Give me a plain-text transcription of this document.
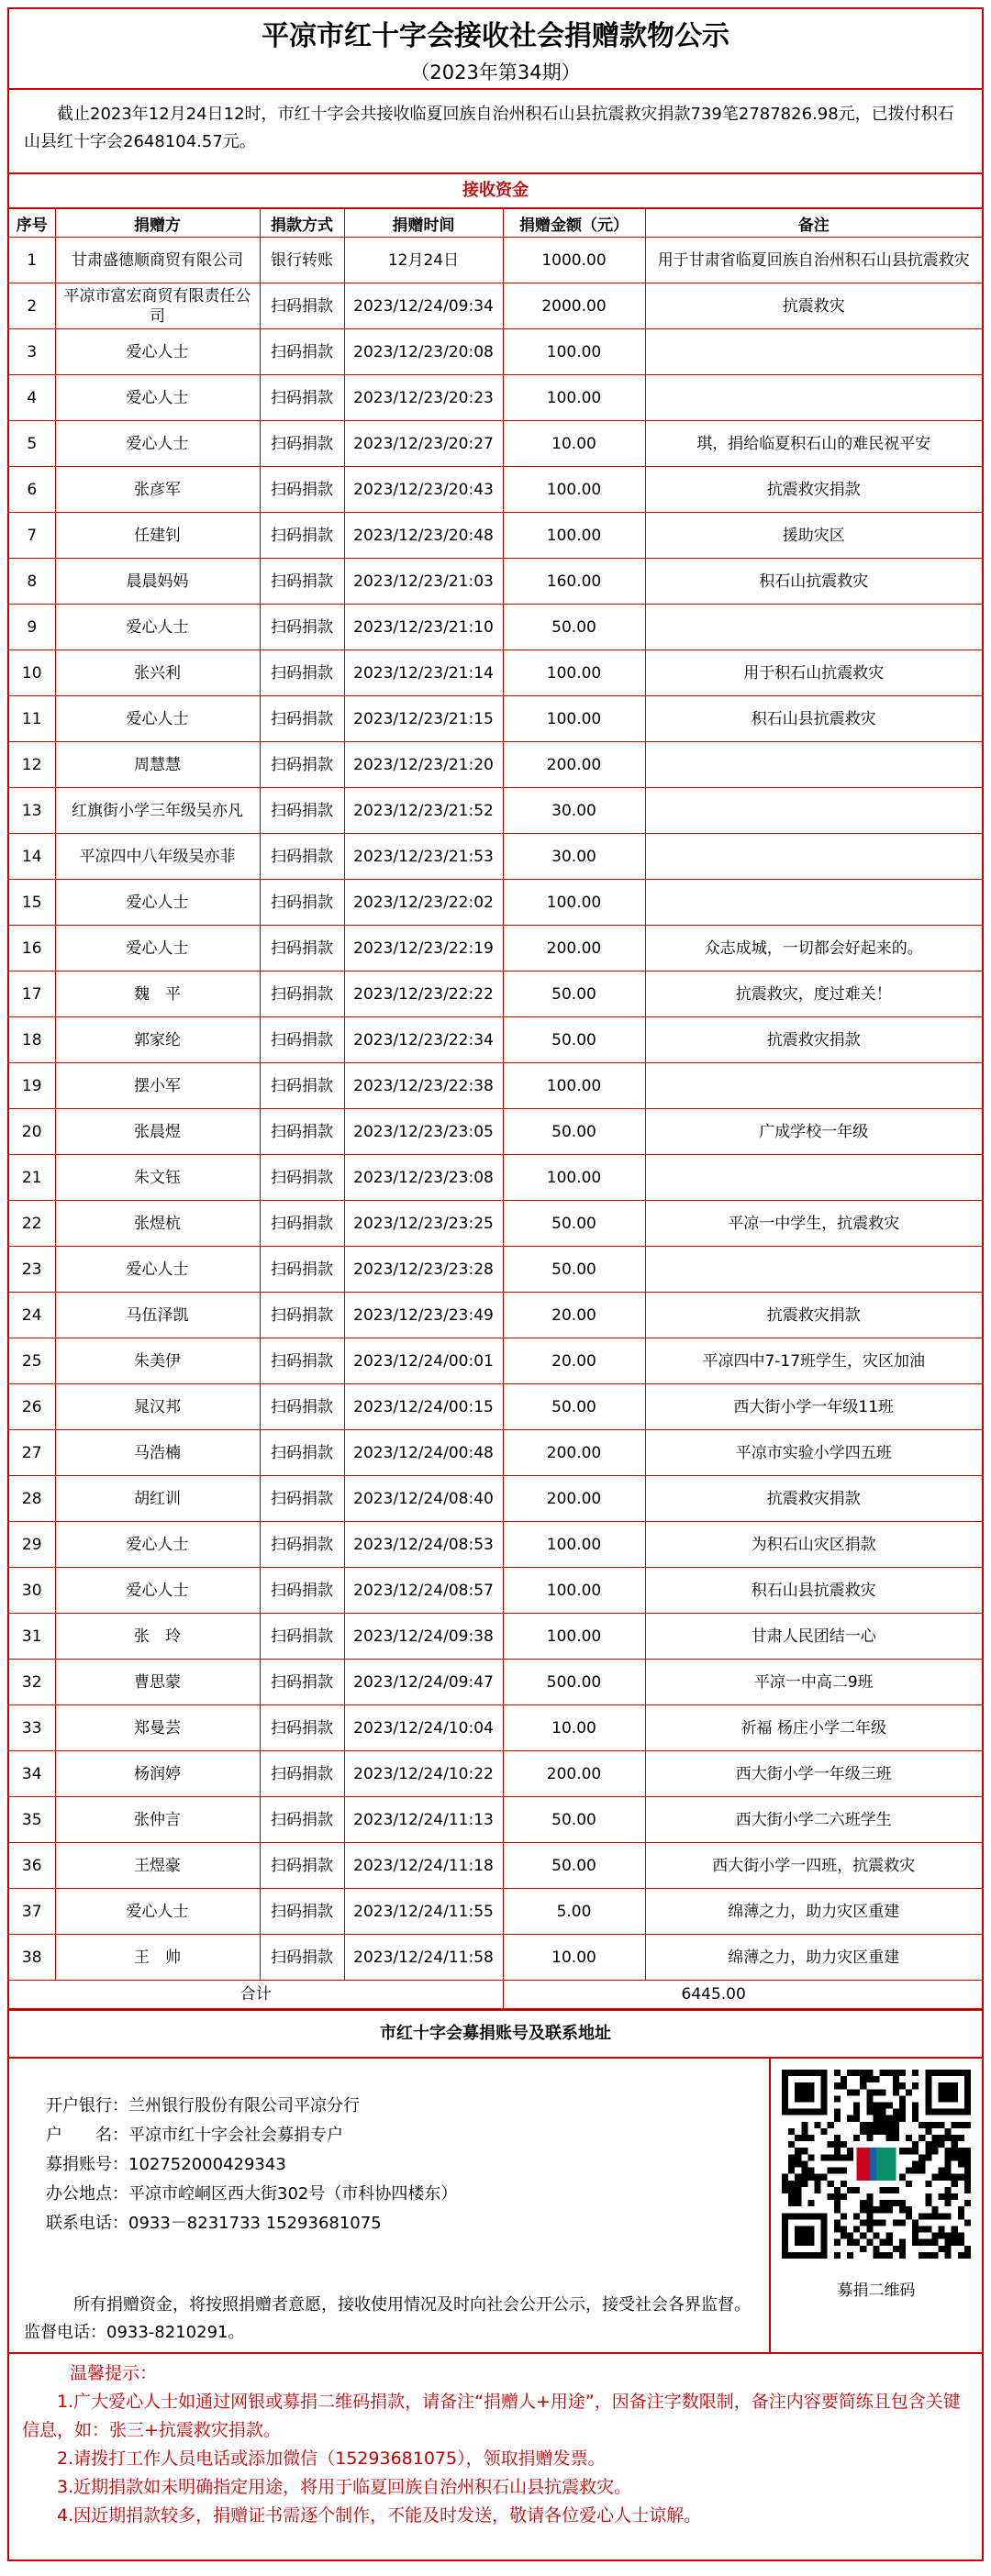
平凉市红十字会接收社会捐赠款物公示
（2023年第34期）
截止2023年12月24日12时，市红十字会共接收临夏回族自治州积石山县抗震救灾捐款739笔2787826.98元，已拨付积石山县红十字会2648104.57元。
接收资金
序号	捐赠方	捐款方式	捐赠时间	捐赠金额（元）	备注
1	甘肃盛德顺商贸有限公司	银行转账	12月24日	1000.00	用于甘肃省临夏回族自治州积石山县抗震救灾
2	平凉市富宏商贸有限责任公司	扫码捐款	2023/12/24/09:34	2000.00	抗震救灾
3	爱心人士	扫码捐款	2023/12/23/20:08	100.00	
4	爱心人士	扫码捐款	2023/12/23/20:23	100.00	
5	爱心人士	扫码捐款	2023/12/23/20:27	10.00	琪，捐给临夏积石山的难民祝平安
6	张彦军	扫码捐款	2023/12/23/20:43	100.00	抗震救灾捐款
7	任建钊	扫码捐款	2023/12/23/20:48	100.00	援助灾区
8	晨晨妈妈	扫码捐款	2023/12/23/21:03	160.00	积石山抗震救灾
9	爱心人士	扫码捐款	2023/12/23/21:10	50.00	
10	张兴利	扫码捐款	2023/12/23/21:14	100.00	用于积石山抗震救灾
11	爱心人士	扫码捐款	2023/12/23/21:15	100.00	积石山县抗震救灾
12	周慧慧	扫码捐款	2023/12/23/21:20	200.00	
13	红旗街小学三年级吴亦凡	扫码捐款	2023/12/23/21:52	30.00	
14	平凉四中八年级吴亦菲	扫码捐款	2023/12/23/21:53	30.00	
15	爱心人士	扫码捐款	2023/12/23/22:02	100.00	
16	爱心人士	扫码捐款	2023/12/23/22:19	200.00	众志成城，一切都会好起来的。
17	魏　平	扫码捐款	2023/12/23/22:22	50.00	抗震救灾，度过难关！
18	郭家纶	扫码捐款	2023/12/23/22:34	50.00	抗震救灾捐款
19	摆小军	扫码捐款	2023/12/23/22:38	100.00	
20	张晨煜	扫码捐款	2023/12/23/23:05	50.00	广成学校一年级
21	朱文钰	扫码捐款	2023/12/23/23:08	100.00	
22	张煜杭	扫码捐款	2023/12/23/23:25	50.00	平凉一中学生，抗震救灾
23	爱心人士	扫码捐款	2023/12/23/23:28	50.00	
24	马伍泽凯	扫码捐款	2023/12/23/23:49	20.00	抗震救灾捐款
25	朱美伊	扫码捐款	2023/12/24/00:01	20.00	平凉四中7-17班学生，灾区加油
26	晁汉邦	扫码捐款	2023/12/24/00:15	50.00	西大街小学一年级11班
27	马浩楠	扫码捐款	2023/12/24/00:48	200.00	平凉市实验小学四五班
28	胡红训	扫码捐款	2023/12/24/08:40	200.00	抗震救灾捐款
29	爱心人士	扫码捐款	2023/12/24/08:53	100.00	为积石山灾区捐款
30	爱心人士	扫码捐款	2023/12/24/08:57	100.00	积石山县抗震救灾
31	张　玲	扫码捐款	2023/12/24/09:38	100.00	甘肃人民团结一心
32	曹思蒙	扫码捐款	2023/12/24/09:47	500.00	平凉一中高二9班
33	郑曼芸	扫码捐款	2023/12/24/10:04	10.00	祈福 杨庄小学二年级
34	杨润婷	扫码捐款	2023/12/24/10:22	200.00	西大街小学一年级三班
35	张仲言	扫码捐款	2023/12/24/11:13	50.00	西大街小学二六班学生
36	王煜豪	扫码捐款	2023/12/24/11:18	50.00	西大街小学一四班，抗震救灾
37	爱心人士	扫码捐款	2023/12/24/11:55	5.00	绵薄之力，助力灾区重建
38	王　帅	扫码捐款	2023/12/24/11:58	10.00	绵薄之力，助力灾区重建
合计				6445.00	
市红十字会募捐账号及联系地址
开户银行：兰州银行股份有限公司平凉分行
户　　名：平凉市红十字会社会募捐专户
募捐账号：102752000429343
办公地点：平凉市崆峒区西大街302号（市科协四楼东）
联系电话：0933－8231733 15293681075
所有捐赠资金，将按照捐赠者意愿，接收使用情况及时向社会公开公示，接受社会各界监督。监督电话：0933-8210291。
募捐二维码
温馨提示：
1.广大爱心人士如通过网银或募捐二维码捐款，请备注“捐赠人+用途”，因备注字数限制，备注内容要简练且包含关键信息，如：张三+抗震救灾捐款。
2.请拨打工作人员电话或添加微信（15293681075），领取捐赠发票。
3.近期捐款如未明确指定用途，将用于临夏回族自治州积石山县抗震救灾。
4.因近期捐款较多，捐赠证书需逐个制作，不能及时发送，敬请各位爱心人士谅解。
